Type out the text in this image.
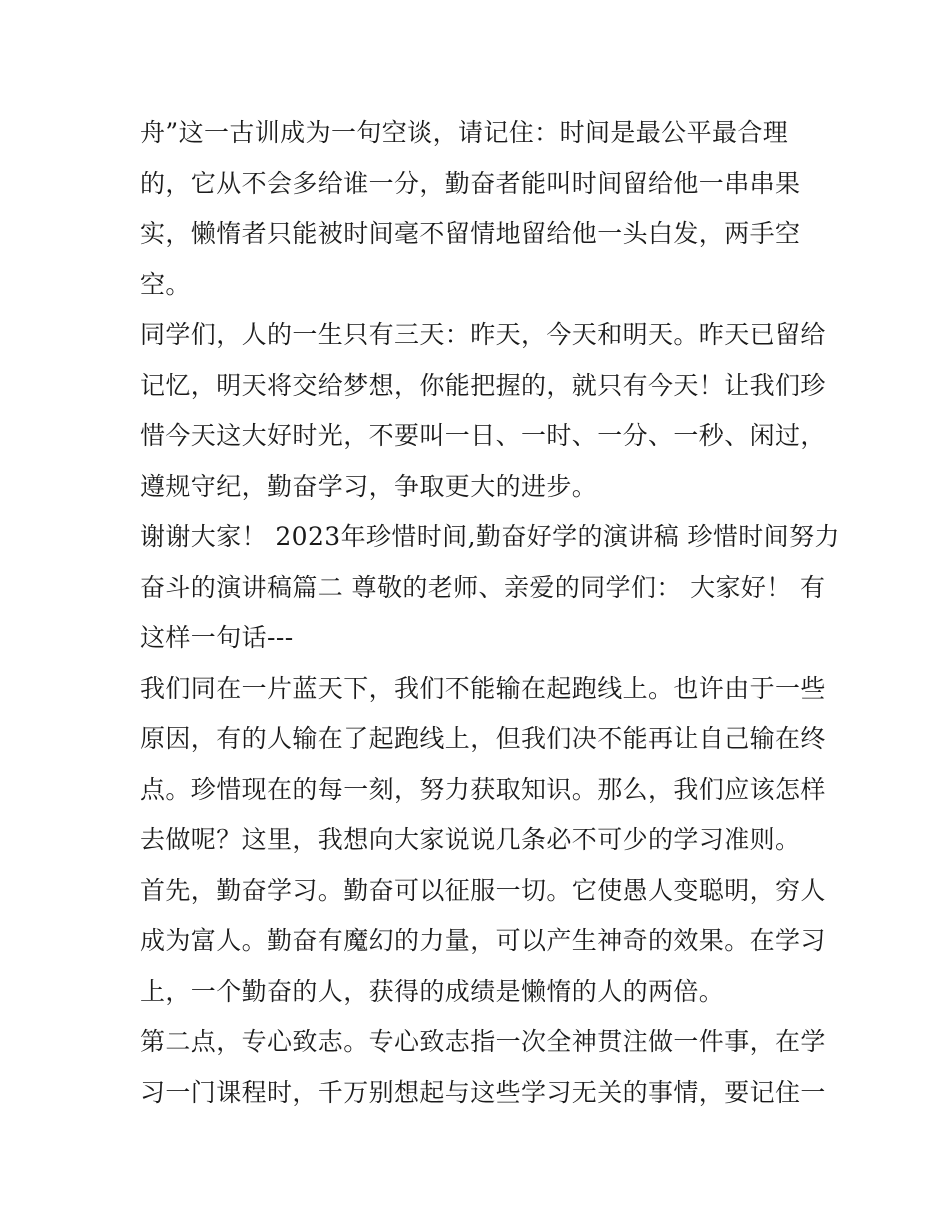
舟”这一古训成为一句空谈，请记住：时间是最公平最合理
的，它从不会多给谁一分，勤奋者能叫时间留给他一串串果
实，懒惰者只能被时间毫不留情地留给他一头白发，两手空
空。
同学们，人的一生只有三天：昨天，今天和明天。昨天已留给
记忆，明天将交给梦想，你能把握的，就只有今天！让我们珍
惜今天这大好时光，不要叫一日、一时、一分、一秒、闲过，
遵规守纪，勤奋学习，争取更大的进步。
谢谢大家！ 2023年珍惜时间,勤奋好学的演讲稿 珍惜时间努力
奋斗的演讲稿篇二 尊敬的老师、亲爱的同学们： 大家好！ 有
这样一句话---
我们同在一片蓝天下，我们不能输在起跑线上。也许由于一些
原因，有的人输在了起跑线上，但我们决不能再让自己输在终
点。珍惜现在的每一刻，努力获取知识。那么，我们应该怎样
去做呢？这里，我想向大家说说几条必不可少的学习准则。
首先，勤奋学习。勤奋可以征服一切。它使愚人变聪明，穷人
成为富人。勤奋有魔幻的力量，可以产生神奇的效果。在学习
上，一个勤奋的人，获得的成绩是懒惰的人的两倍。
第二点，专心致志。专心致志指一次全神贯注做一件事，在学
习一门课程时，千万别想起与这些学习无关的事情，要记住一
